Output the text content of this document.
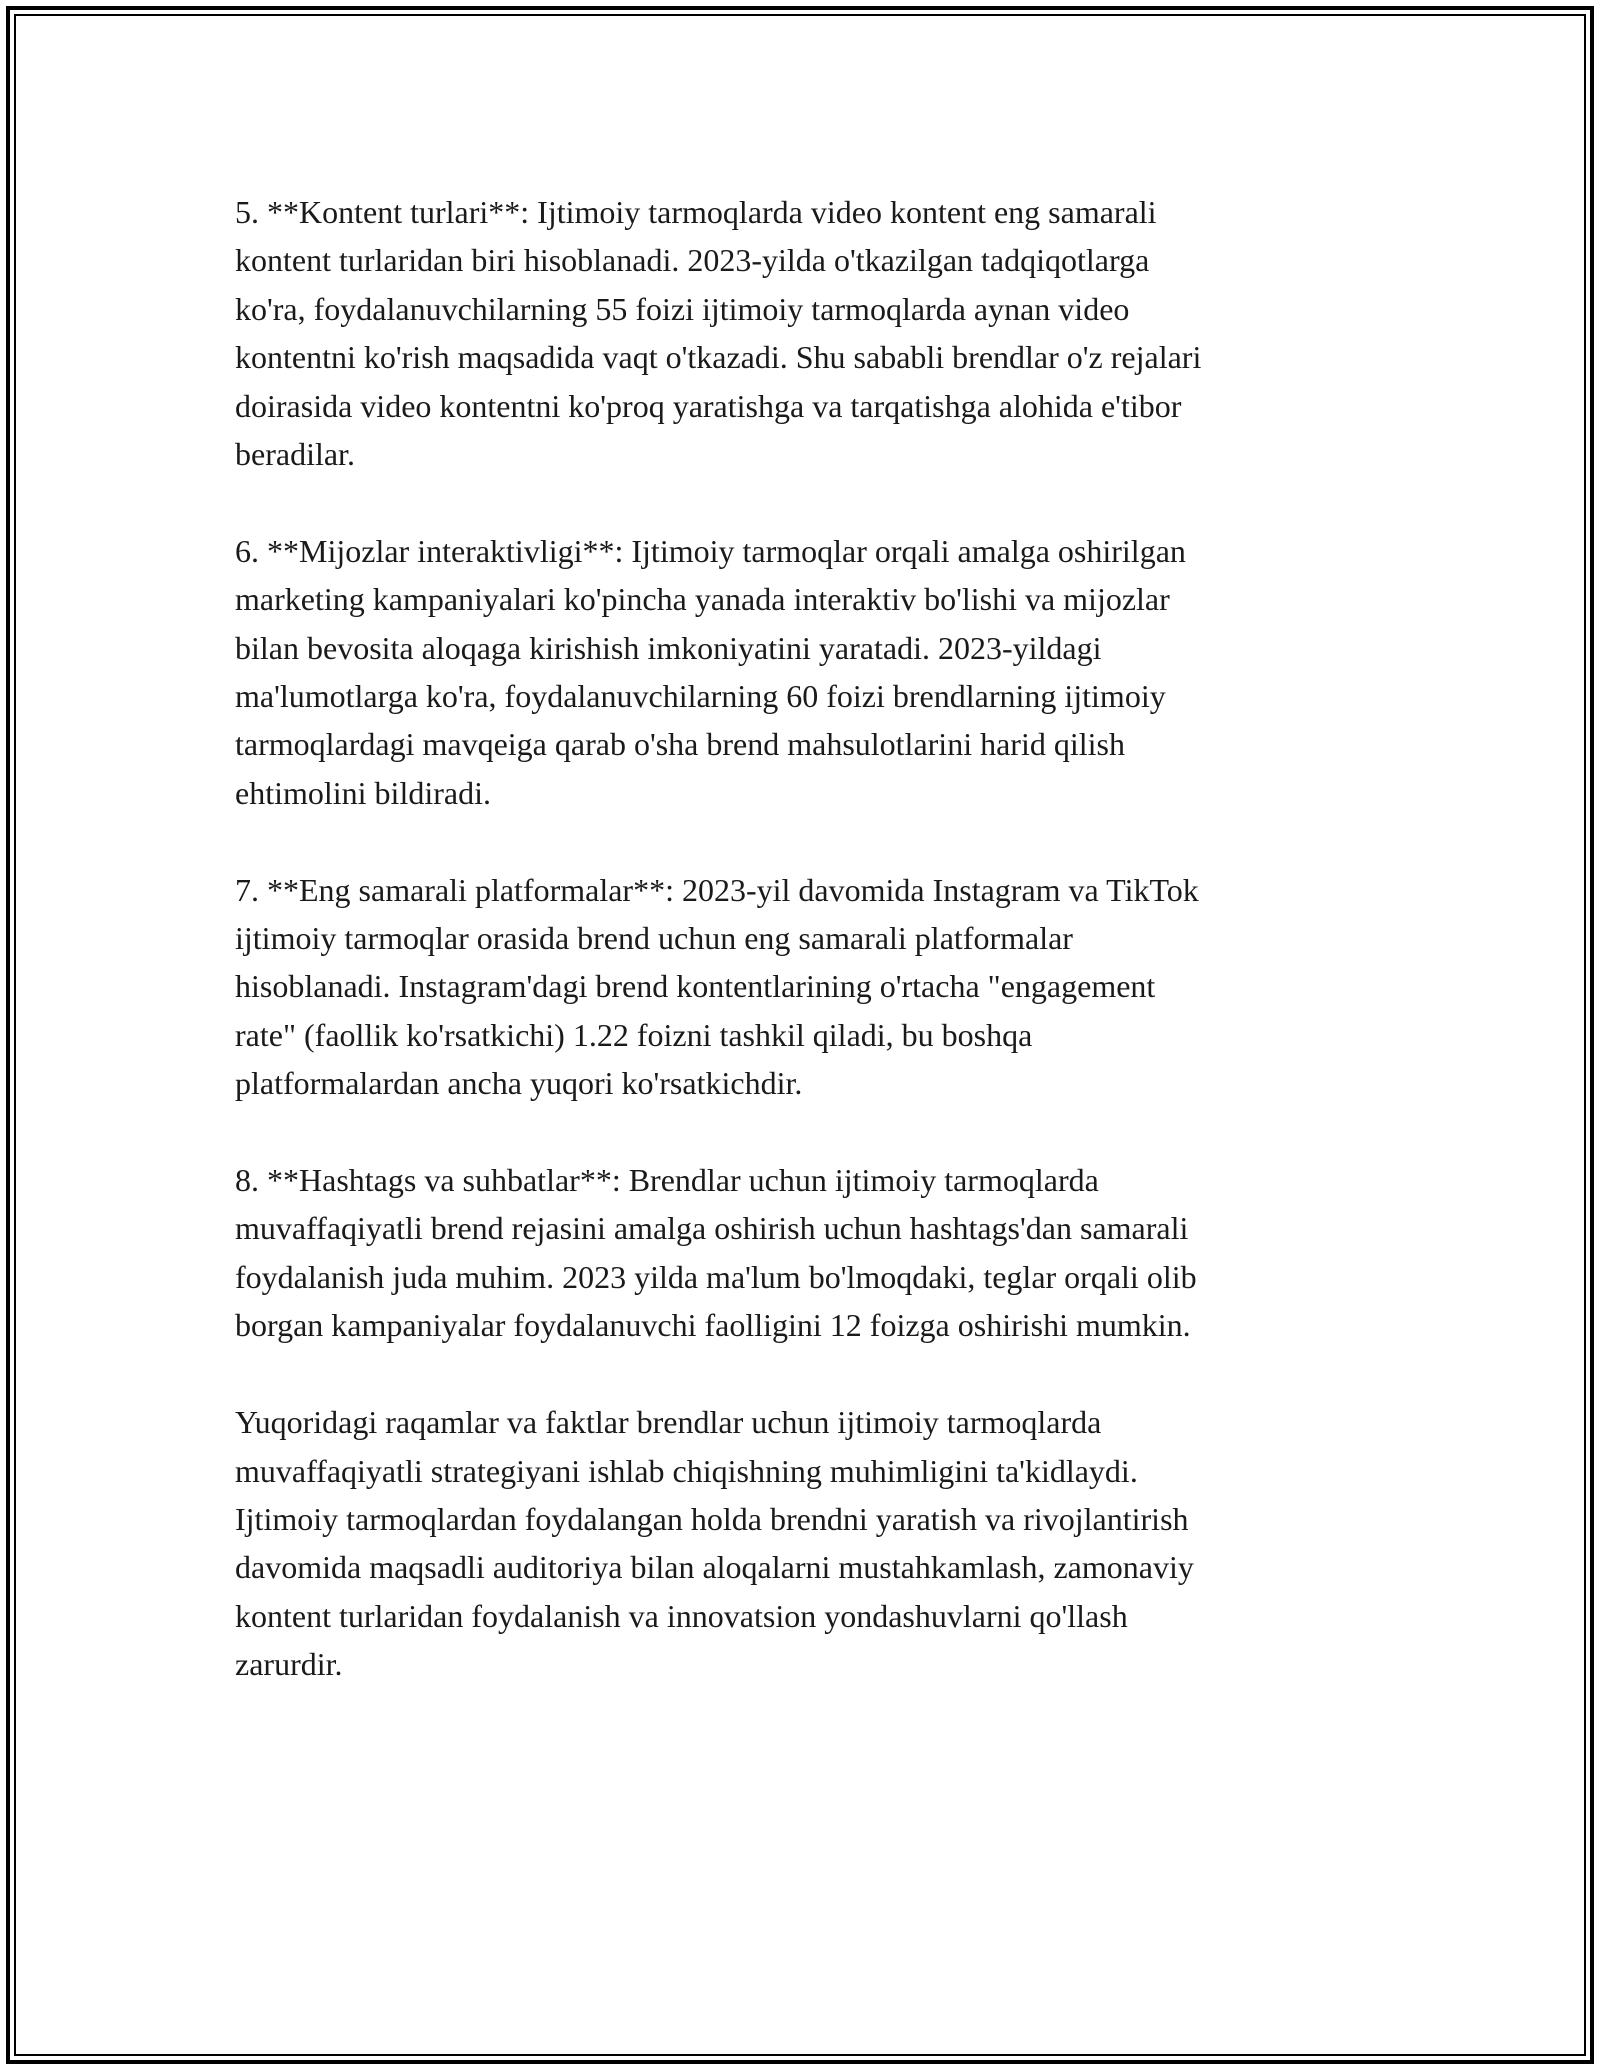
5. **Kontent turlari**: Ijtimoiy tarmoqlarda video kontent eng samarali
kontent turlaridan biri hisoblanadi. 2023-yilda o'tkazilgan tadqiqotlarga
ko'ra, foydalanuvchilarning 55 foizi ijtimoiy tarmoqlarda aynan video
kontentni ko'rish maqsadida vaqt o'tkazadi. Shu sababli brendlar o'z rejalari
doirasida video kontentni ko'proq yaratishga va tarqatishga alohida e'tibor
beradilar.

6. **Mijozlar interaktivligi**: Ijtimoiy tarmoqlar orqali amalga oshirilgan
marketing kampaniyalari ko'pincha yanada interaktiv bo'lishi va mijozlar
bilan bevosita aloqaga kirishish imkoniyatini yaratadi. 2023-yildagi
ma'lumotlarga ko'ra, foydalanuvchilarning 60 foizi brendlarning ijtimoiy
tarmoqlardagi mavqeiga qarab o'sha brend mahsulotlarini harid qilish
ehtimolini bildiradi.

7. **Eng samarali platformalar**: 2023-yil davomida Instagram va TikTok
ijtimoiy tarmoqlar orasida brend uchun eng samarali platformalar
hisoblanadi. Instagram'dagi brend kontentlarining o'rtacha "engagement
rate" (faollik ko'rsatkichi) 1.22 foizni tashkil qiladi, bu boshqa
platformalardan ancha yuqori ko'rsatkichdir.

8. **Hashtags va suhbatlar**: Brendlar uchun ijtimoiy tarmoqlarda
muvaffaqiyatli brend rejasini amalga oshirish uchun hashtags'dan samarali
foydalanish juda muhim. 2023 yilda ma'lum bo'lmoqdaki, teglar orqali olib
borgan kampaniyalar foydalanuvchi faolligini 12 foizga oshirishi mumkin.

Yuqoridagi raqamlar va faktlar brendlar uchun ijtimoiy tarmoqlarda
muvaffaqiyatli strategiyani ishlab chiqishning muhimligini ta'kidlaydi.
Ijtimoiy tarmoqlardan foydalangan holda brendni yaratish va rivojlantirish
davomida maqsadli auditoriya bilan aloqalarni mustahkamlash, zamonaviy
kontent turlaridan foydalanish va innovatsion yondashuvlarni qo'llash
zarurdir.
